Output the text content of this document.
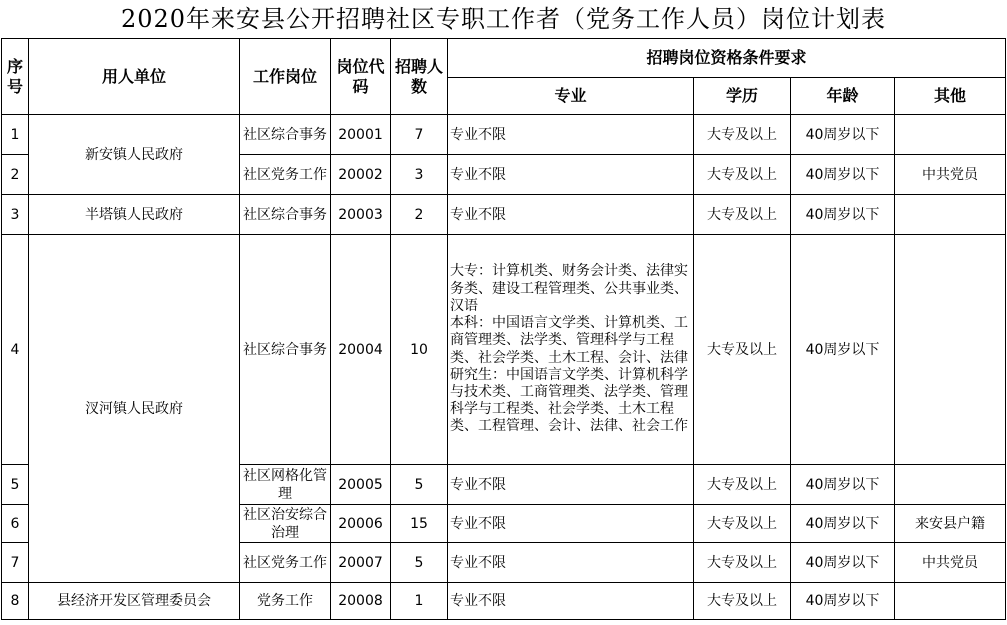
2020年来安县公开招聘社区专职工作者（党务工作人员）岗位计划表
序号	用人单位	工作岗位	岗位代码	招聘人数	招聘岗位资格条件要求			
					专业	学历	年龄	其他
1	新安镇人民政府	社区综合事务	20001	7	专业不限	大专及以上	40周岁以下	
2		社区党务工作	20002	3	专业不限	大专及以上	40周岁以下	中共党员
3	半塔镇人民政府	社区综合事务	20003	2	专业不限	大专及以上	40周岁以下	
4	汊河镇人民政府	社区综合事务	20004	10	大专：计算机类、财务会计类、法律实务类、建设工程管理类、公共事业类、汉语
本科：中国语言文学类、计算机类、工商管理类、法学类、管理科学与工程类、社会学类、土木工程、会计、法律
研究生：中国语言文学类、计算机科学与技术类、工商管理类、法学类、管理科学与工程类、社会学类、土木工程类、工程管理、会计、法律、社会工作	大专及以上	40周岁以下	
5		社区网格化管理	20005	5	专业不限	大专及以上	40周岁以下	
6		社区治安综合治理	20006	15	专业不限	大专及以上	40周岁以下	来安县户籍
7		社区党务工作	20007	5	专业不限	大专及以上	40周岁以下	中共党员
8	县经济开发区管理委员会	党务工作	20008	1	专业不限	大专及以上	40周岁以下	
